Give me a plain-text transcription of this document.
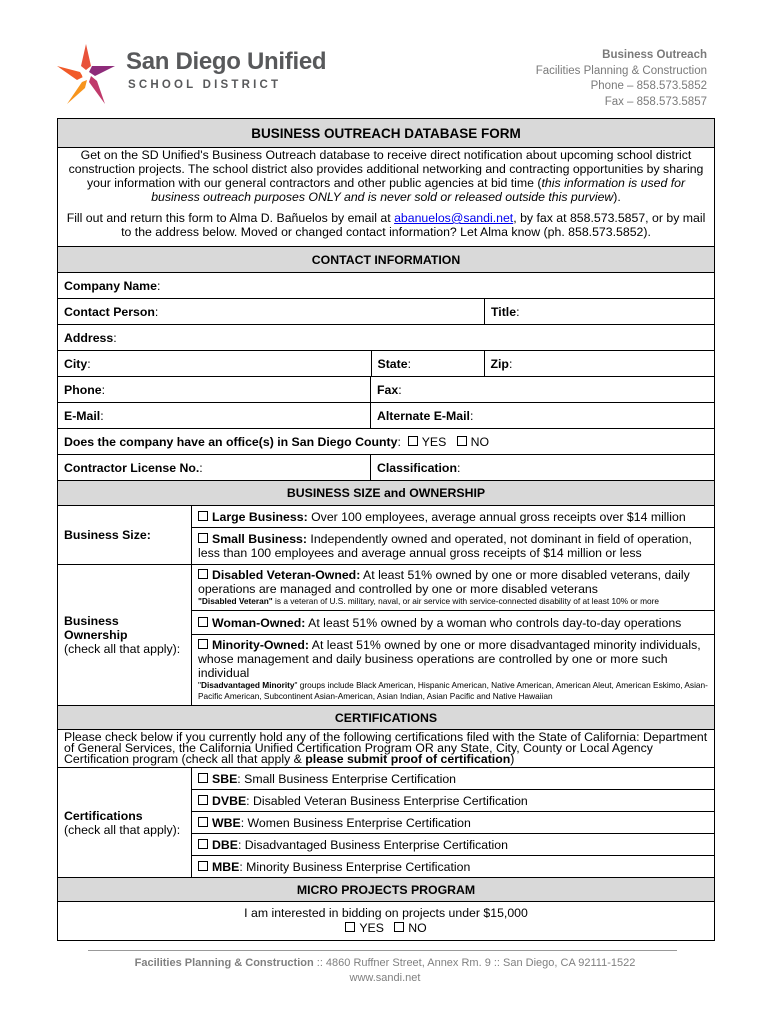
San Diego Unified
SCHOOL DISTRICT
Business Outreach
Facilities Planning & Construction
Phone – 858.573.5852
Fax – 858.573.5857
BUSINESS OUTREACH DATABASE FORM

Get on the SD Unified's Business Outreach database to receive direct notification about upcoming school district construction projects. The school district also provides additional networking and contracting opportunities by sharing your information with our general contractors and other public agencies at bid time (this information is used for business outreach purposes ONLY and is never sold or released outside this purview).

Fill out and return this form to Alma D. Bañuelos by email at abanuelos@sandi.net, by fax at 858.573.5857, or by mail to the address below. Moved or changed contact information? Let Alma know (ph. 858.573.5852).

CONTACT INFORMATION
Company Name:
Contact Person:	Title:
Address:
City:		State:	Zip:

Phone:	Fax:
E-Mail:	Alternate E-Mail:
Does the company have an office(s) in San Diego County:  YES NO
Contractor License No.:	Classification:
BUSINESS SIZE and OWNERSHIP
Business Size:	Large Business: Over 100 employees, average annual gross receipts over $14 million
Small Business: Independently owned and operated, not dominant in field of operation, less than 100 employees and average annual gross receipts of $14 million or less

Business
Ownership
(check all that apply):
	Disabled Veteran-Owned: At least 51% owned by one or more disabled veterans, daily operations are managed and controlled by one or more disabled veterans
"Disabled Veteran" is a veteran of U.S. military, naval, or air service with service-connected disability of at least 10% or more

Woman-Owned: At least 51% owned by a woman who controls day-to-day operations
Minority-Owned: At least 51% owned by one or more disadvantaged minority individuals, whose management and daily business operations are controlled by one or more such individual
"Disadvantaged Minority" groups include Black American, Hispanic American, Native American, American Aleut, American Eskimo, Asian-Pacific American, Subcontinent Asian-American, Asian Indian, Asian Pacific and Native Hawaiian

CERTIFICATIONS
Please check below if you currently hold any of the following certifications filed with the State of California: Department of General Services, the California Unified Certification Program OR any State, City, County or Local Agency Certification program (check all that apply & please submit proof of certification)

Certifications
(check all that apply):
	SBE: Small Business Enterprise Certification
DVBE: Disabled Veteran Business Enterprise Certification
WBE: Women Business Enterprise Certification
DBE: Disadvantaged Business Enterprise Certification
MBE: Minority Business Enterprise Certification
MICRO PROJECTS PROGRAM

I am interested in bidding on projects under $15,000
YES NO
Facilities Planning & Construction :: 4860 Ruffner Street, Annex Rm. 9 :: San Diego, CA 92111-1522
www.sandi.net
